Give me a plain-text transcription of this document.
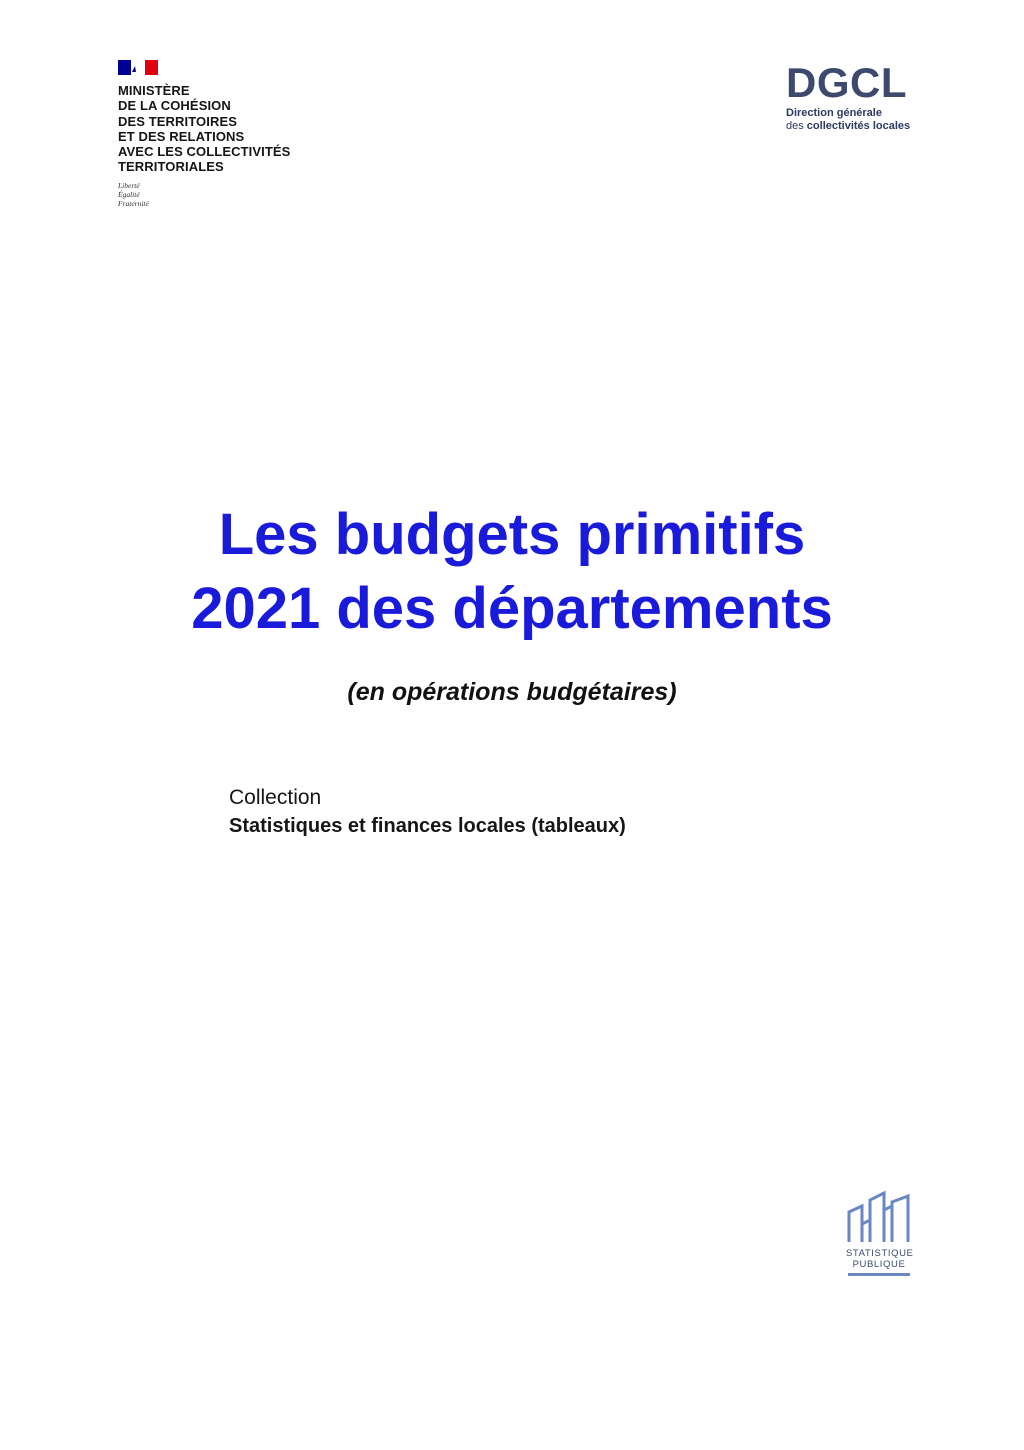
MINISTÈRE
DE LA COHÉSION
DES TERRITOIRES
ET DES RELATIONS
AVEC LES COLLECTIVITÉS
TERRITORIALES
Liberté
Égalité
Fraternité
DGCL
Direction générale
des collectivités locales
Les budgets primitifs
2021 des départements
(en opérations budgétaires)
Collection
Statistiques et finances locales (tableaux)
STATISTIQUE
PUBLIQUE
